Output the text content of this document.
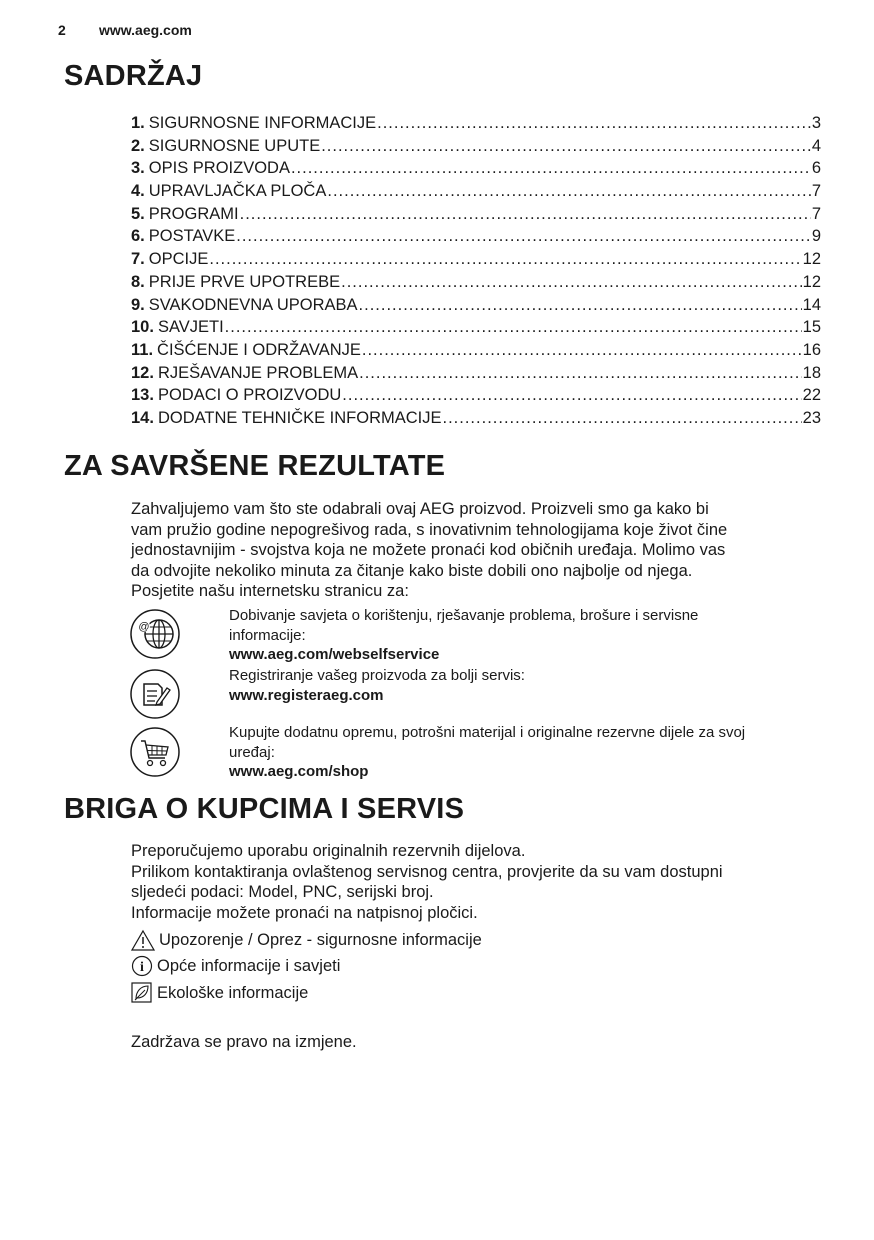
2	www.aeg.com
SADRŽAJ
1. SIGURNOSNE INFORMACIJE .....	3
2. SIGURNOSNE UPUTE .....	4
3. OPIS PROIZVODA .....	6
4. UPRAVLJAČKA PLOČA .....	7
5. PROGRAMI .....	7
6. POSTAVKE .....	9
7. OPCIJE .....	12
8. PRIJE PRVE UPOTREBE .....	12
9. SVAKODNEVNA UPORABA .....	14
10. SAVJETI .....	15
11. ČIŠĆENJE I ODRŽAVANJE .....	16
12. RJEŠAVANJE PROBLEMA .....	18
13. PODACI O PROIZVODU .....	22
14. DODATNE TEHNIČKE INFORMACIJE .....	23
ZA SAVRŠENE REZULTATE
Zahvaljujemo vam što ste odabrali ovaj AEG proizvod. Proizveli smo ga kako bi
vam pružio godine nepogrešivog rada, s inovativnim tehnologijama koje život čine
jednostavnijim - svojstva koja ne možete pronaći kod običnih uređaja. Molimo vas
da odvojite nekoliko minuta za čitanje kako biste dobili ono najbolje od njega.
Posjetite našu internetsku stranicu za:
@
Dobivanje savjeta o korištenju, rješavanje problema, brošure i servisne
informacije:
www.aeg.com/webselfservice
Registriranje vašeg proizvoda za bolji servis:
www.registeraeg.com
Kupujte dodatnu opremu, potrošni materijal i originalne rezervne dijele za svoj
uređaj:
www.aeg.com/shop
BRIGA O KUPCIMA I SERVIS
Preporučujemo uporabu originalnih rezervnih dijelova.
Prilikom kontaktiranja ovlaštenog servisnog centra, provjerite da su vam dostupni
sljedeći podaci: Model, PNC, serijski broj.
Informacije možete pronaći na natpisnoj pločici.
Upozorenje / Oprez - sigurnosne informacije
i Opće informacije i savjeti
Ekološke informacije
Zadržava se pravo na izmjene.
